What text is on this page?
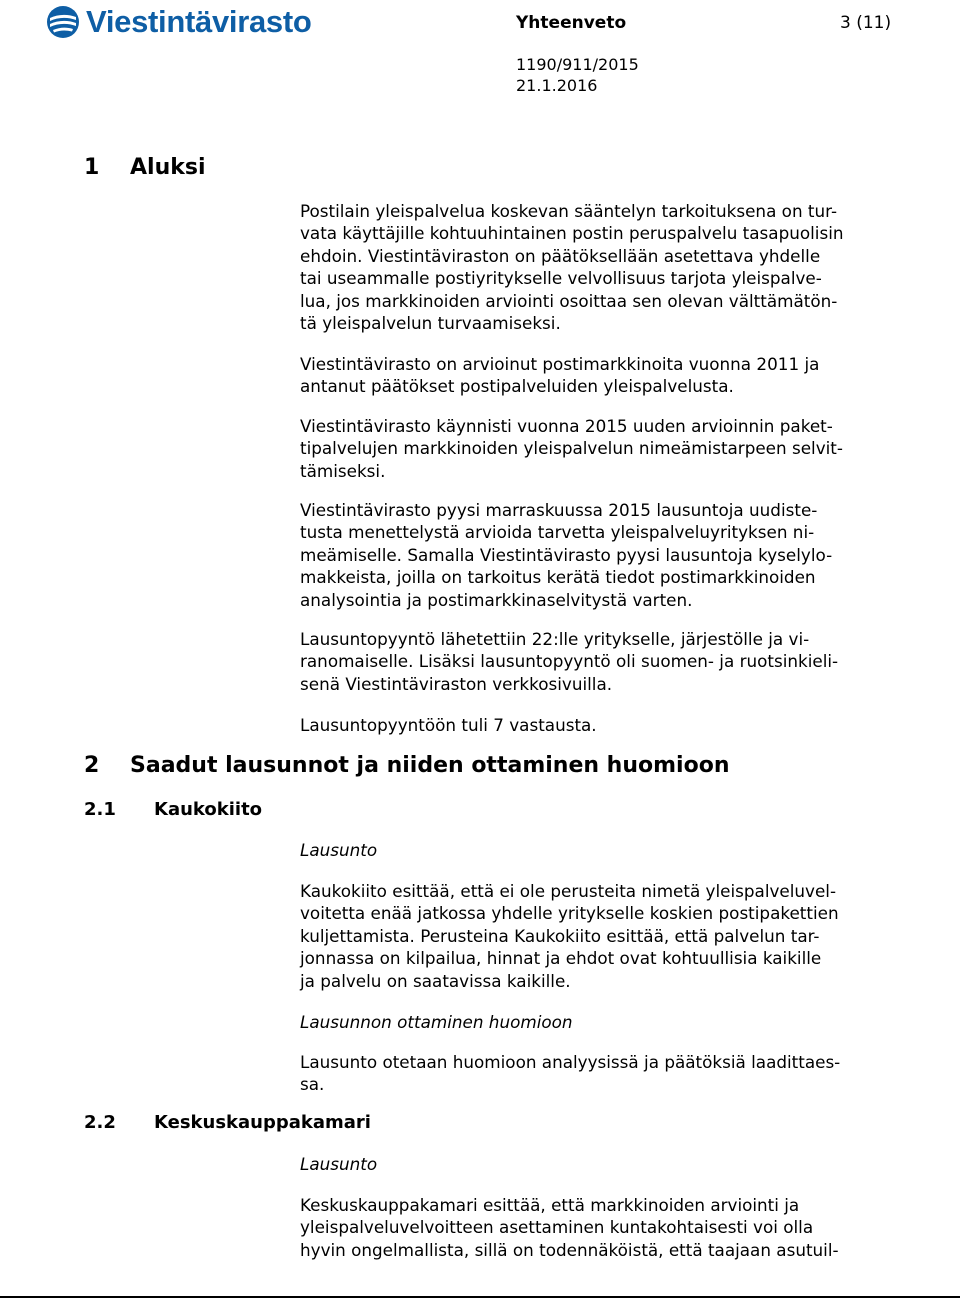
Viestintävirasto	Yhteenveto	3 (11)
1190/911/2015
21.1.2016
1 Aluksi

Postilain yleispalvelua koskevan sääntelyn tarkoituksena on tur-
vata käyttäjille kohtuuhintainen postin peruspalvelu tasapuolisin
ehdoin. Viestintäviraston on päätöksellään asetettava yhdelle
tai useammalle postiyritykselle velvollisuus tarjota yleispalve-
lua, jos markkinoiden arviointi osoittaa sen olevan välttämätön-
tä yleispalvelun turvaamiseksi.

Viestintävirasto on arvioinut postimarkkinoita vuonna 2011 ja
antanut päätökset postipalveluiden yleispalvelusta.

Viestintävirasto käynnisti vuonna 2015 uuden arvioinnin paket-
tipalvelujen markkinoiden yleispalvelun nimeämistarpeen selvit-
tämiseksi.

Viestintävirasto pyysi marraskuussa 2015 lausuntoja uudiste-
tusta menettelystä arvioida tarvetta yleispalveluyrityksen ni-
meämiselle. Samalla Viestintävirasto pyysi lausuntoja kyselylo-
makkeista, joilla on tarkoitus kerätä tiedot postimarkkinoiden
analysointia ja postimarkkinaselvitystä varten.

Lausuntopyyntö lähetettiin 22:lle yritykselle, järjestölle ja vi-
ranomaiselle. Lisäksi lausuntopyyntö oli suomen- ja ruotsinkieli-
senä Viestintäviraston verkkosivuilla.

Lausuntopyyntöön tuli 7 vastausta.

2 Saadut lausunnot ja niiden ottaminen huomioon
2.1 Kaukokiito
Lausunto

Kaukokiito esittää, että ei ole perusteita nimetä yleispalveluvel-
voitetta enää jatkossa yhdelle yritykselle koskien postipakettien
kuljettamista. Perusteina Kaukokiito esittää, että palvelun tar-
jonnassa on kilpailua, hinnat ja ehdot ovat kohtuullisia kaikille
ja palvelu on saatavissa kaikille.

Lausunnon ottaminen huomioon

Lausunto otetaan huomioon analyysissä ja päätöksiä laadittaes-
sa.

2.2 Keskuskauppakamari
Lausunto

Keskuskauppakamari esittää, että markkinoiden arviointi ja
yleispalveluvelvoitteen asettaminen kuntakohtaisesti voi olla
hyvin ongelmallista, sillä on todennäköistä, että taajaan asutuil-
